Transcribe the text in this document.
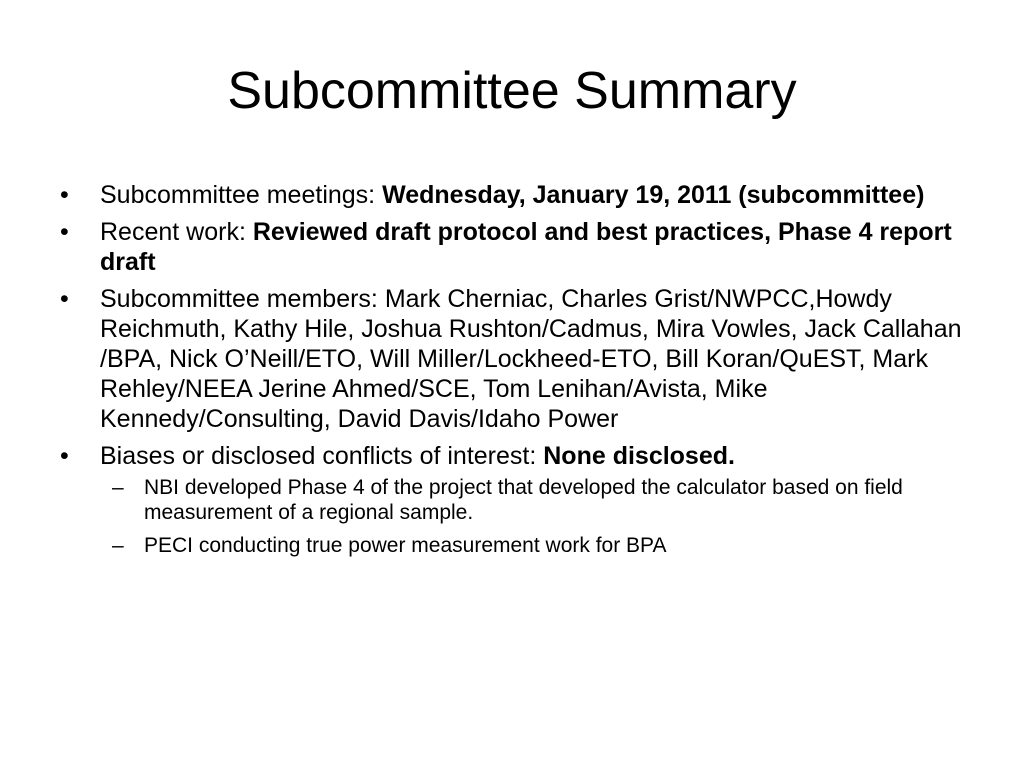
Subcommittee Summary
• Subcommittee meetings: Wednesday, January 19, 2011 (subcommittee)
• Recent work: Reviewed draft protocol and best practices, Phase 4 report draft
• Subcommittee members: Mark Cherniac, Charles Grist/NWPCC,Howdy Reichmuth, Kathy Hile, Joshua Rushton/Cadmus, Mira Vowles, Jack Callahan /BPA, Nick O’Neill/ETO, Will Miller/Lockheed-ETO, Bill Koran/QuEST, Mark Rehley/NEEA Jerine Ahmed/SCE, Tom Lenihan/Avista, Mike Kennedy/Consulting, David Davis/Idaho Power
• Biases or disclosed conflicts of interest: None disclosed.
– NBI developed Phase 4 of the project that developed the calculator based on field measurement of a regional sample.
– PECI conducting true power measurement work for BPA
